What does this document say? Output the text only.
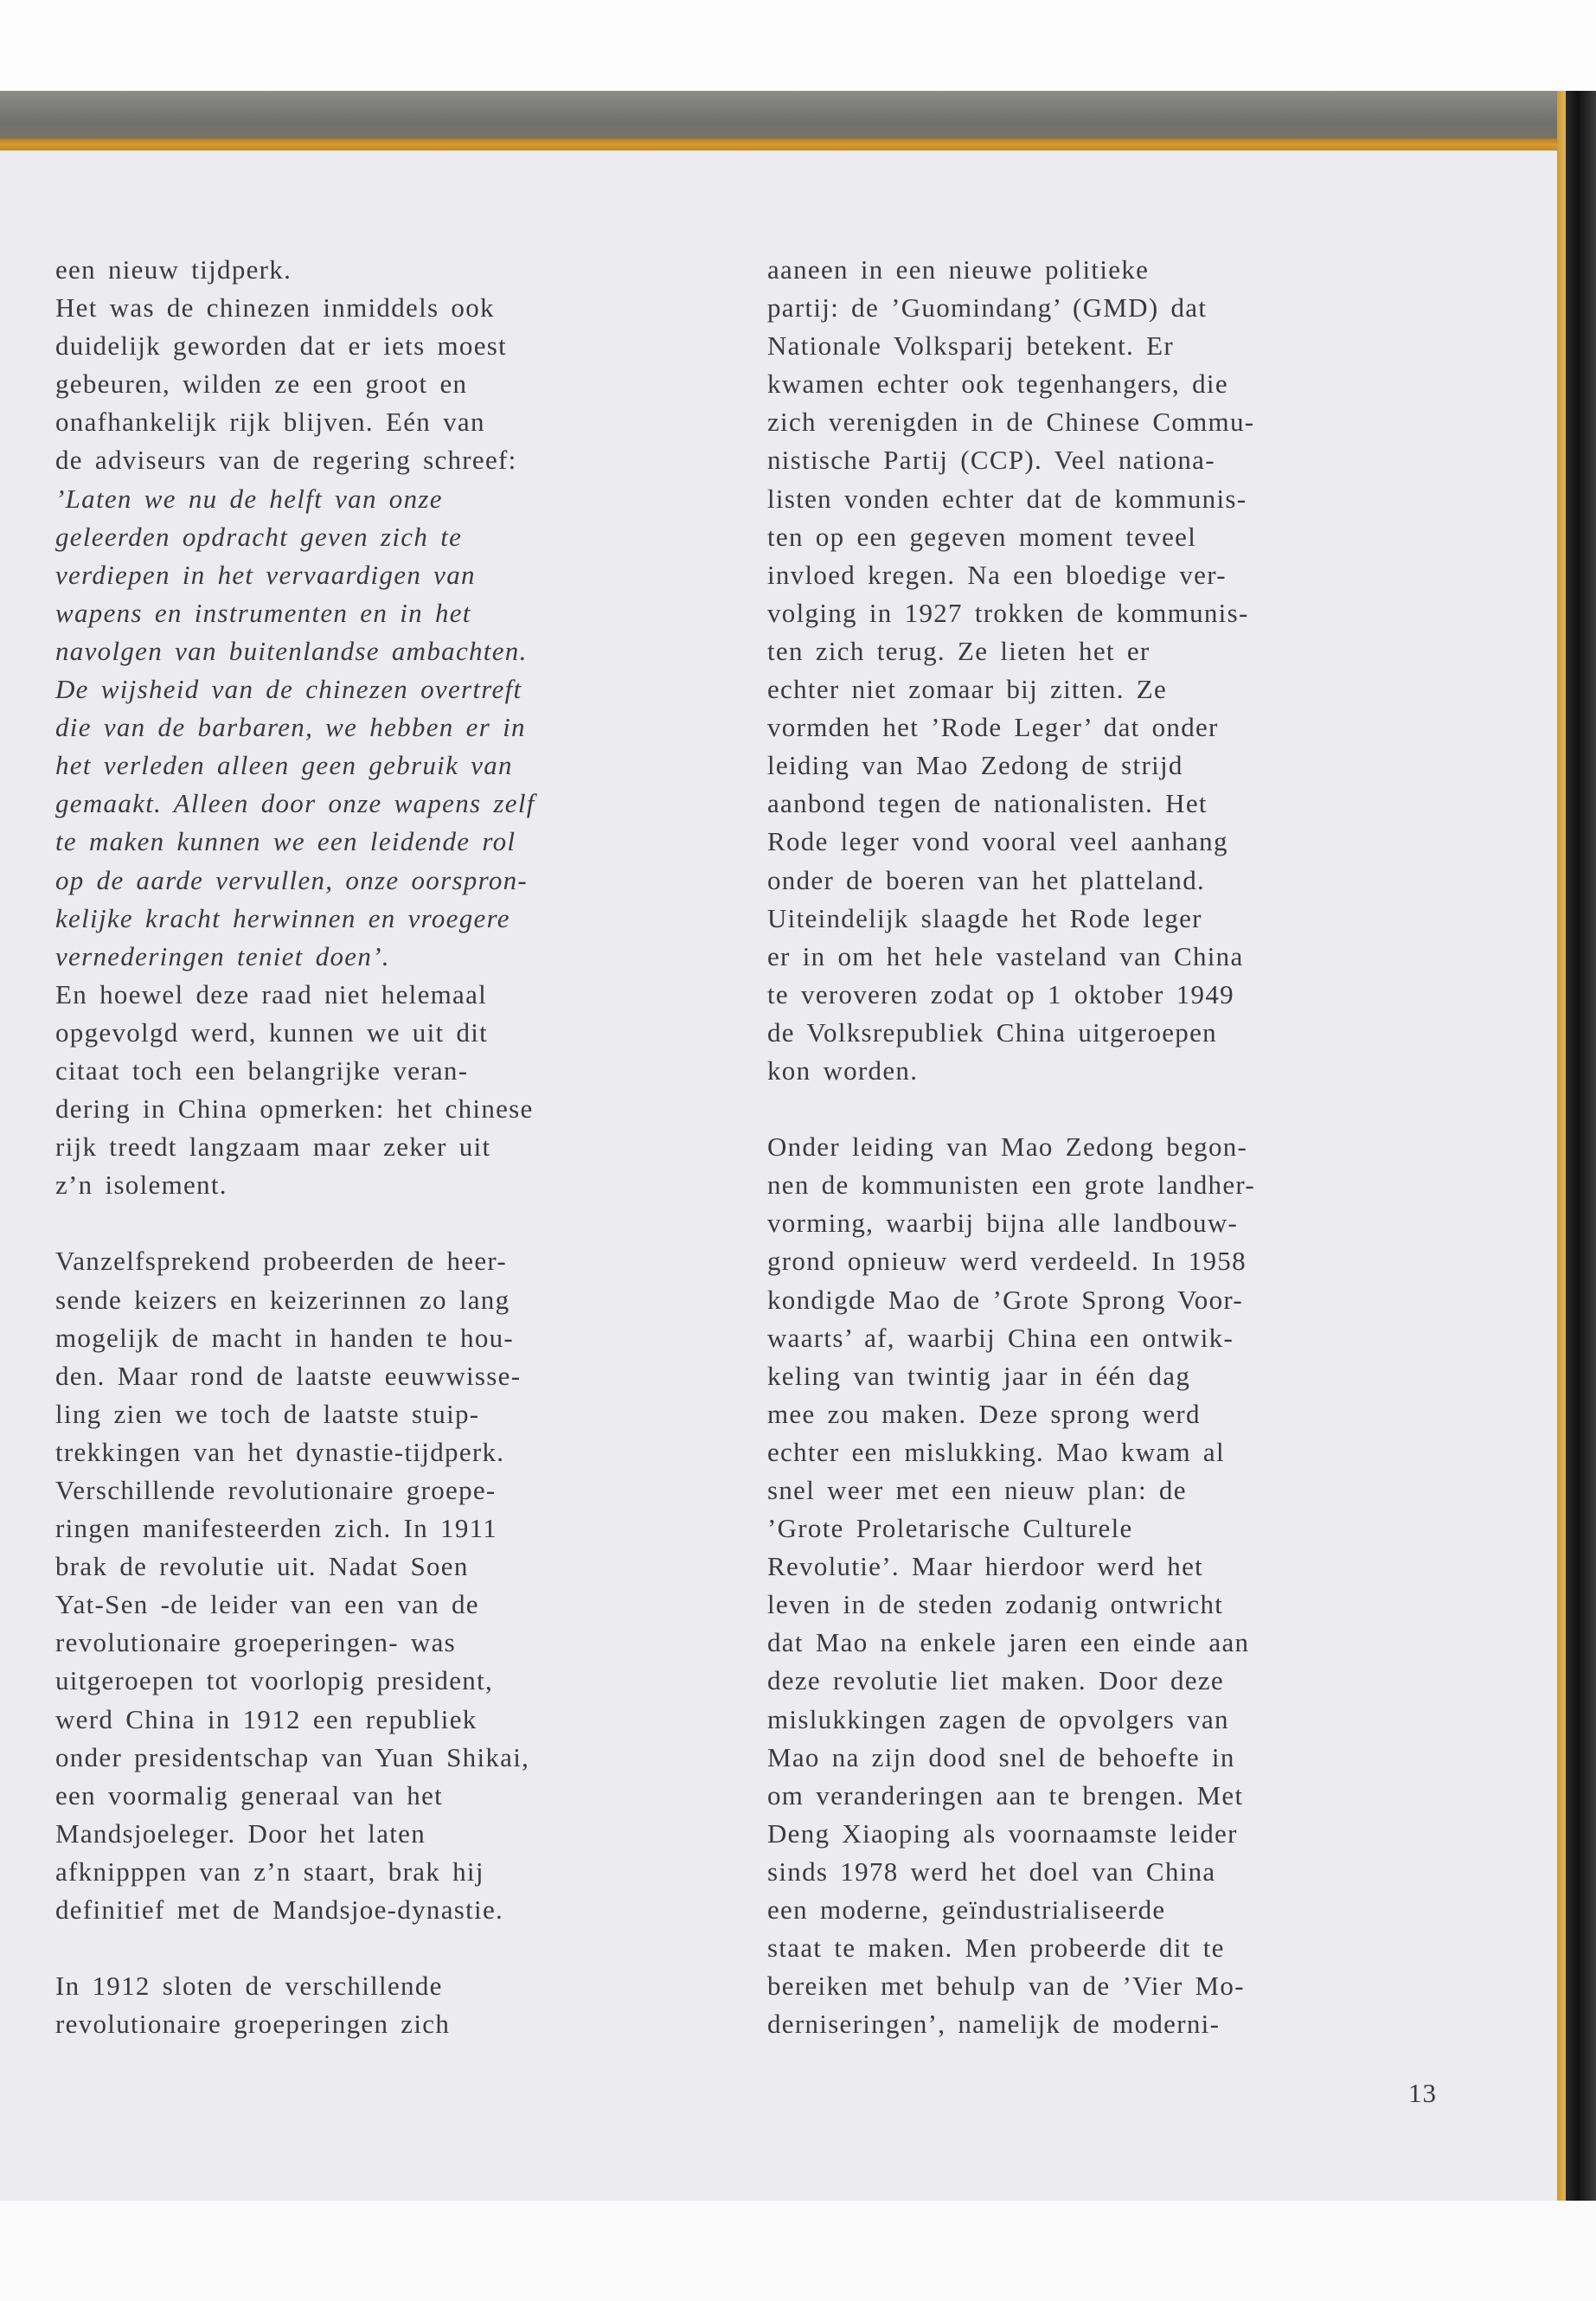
een nieuw tijdperk.
Het was de chinezen inmiddels ook
duidelijk geworden dat er iets moest
gebeuren, wilden ze een groot en
onafhankelijk rijk blijven. Eén van
de adviseurs van de regering schreef:
’Laten we nu de helft van onze
geleerden opdracht geven zich te
verdiepen in het vervaardigen van
wapens en instrumenten en in het
navolgen van buitenlandse ambachten.
De wijsheid van de chinezen overtreft
die van de barbaren, we hebben er in
het verleden alleen geen gebruik van
gemaakt. Alleen door onze wapens zelf
te maken kunnen we een leidende rol
op de aarde vervullen, onze oorspron-
kelijke kracht herwinnen en vroegere
vernederingen teniet doen’.
En hoewel deze raad niet helemaal
opgevolgd werd, kunnen we uit dit
citaat toch een belangrijke veran-
dering in China opmerken: het chinese
rijk treedt langzaam maar zeker uit
z’n isolement.
Vanzelfsprekend probeerden de heer-
sende keizers en keizerinnen zo lang
mogelijk de macht in handen te hou-
den. Maar rond de laatste eeuwwisse-
ling zien we toch de laatste stuip-
trekkingen van het dynastie-tijdperk.
Verschillende revolutionaire groepe-
ringen manifesteerden zich. In 1911
brak de revolutie uit. Nadat Soen
Yat-Sen -de leider van een van de
revolutionaire groeperingen- was
uitgeroepen tot voorlopig president,
werd China in 1912 een republiek
onder presidentschap van Yuan Shikai,
een voormalig generaal van het
Mandsjoeleger. Door het laten
afknipppen van z’n staart, brak hij
definitief met de Mandsjoe-dynastie.
In 1912 sloten de verschillende
revolutionaire groeperingen zich
aaneen in een nieuwe politieke
partij: de ’Guomindang’ (GMD) dat
Nationale Volksparij betekent. Er
kwamen echter ook tegenhangers, die
zich verenigden in de Chinese Commu-
nistische Partij (CCP). Veel nationa-
listen vonden echter dat de kommunis-
ten op een gegeven moment teveel
invloed kregen. Na een bloedige ver-
volging in 1927 trokken de kommunis-
ten zich terug. Ze lieten het er
echter niet zomaar bij zitten. Ze
vormden het ’Rode Leger’ dat onder
leiding van Mao Zedong de strijd
aanbond tegen de nationalisten. Het
Rode leger vond vooral veel aanhang
onder de boeren van het platteland.
Uiteindelijk slaagde het Rode leger
er in om het hele vasteland van China
te veroveren zodat op 1 oktober 1949
de Volksrepubliek China uitgeroepen
kon worden.
Onder leiding van Mao Zedong begon-
nen de kommunisten een grote landher-
vorming, waarbij bijna alle landbouw-
grond opnieuw werd verdeeld. In 1958
kondigde Mao de ’Grote Sprong Voor-
waarts’ af, waarbij China een ontwik-
keling van twintig jaar in één dag
mee zou maken. Deze sprong werd
echter een mislukking. Mao kwam al
snel weer met een nieuw plan: de
’Grote Proletarische Culturele
Revolutie’. Maar hierdoor werd het
leven in de steden zodanig ontwricht
dat Mao na enkele jaren een einde aan
deze revolutie liet maken. Door deze
mislukkingen zagen de opvolgers van
Mao na zijn dood snel de behoefte in
om veranderingen aan te brengen. Met
Deng Xiaoping als voornaamste leider
sinds 1978 werd het doel van China
een moderne, geïndustrialiseerde
staat te maken. Men probeerde dit te
bereiken met behulp van de ’Vier Mo-
derniseringen’, namelijk de moderni-
13
